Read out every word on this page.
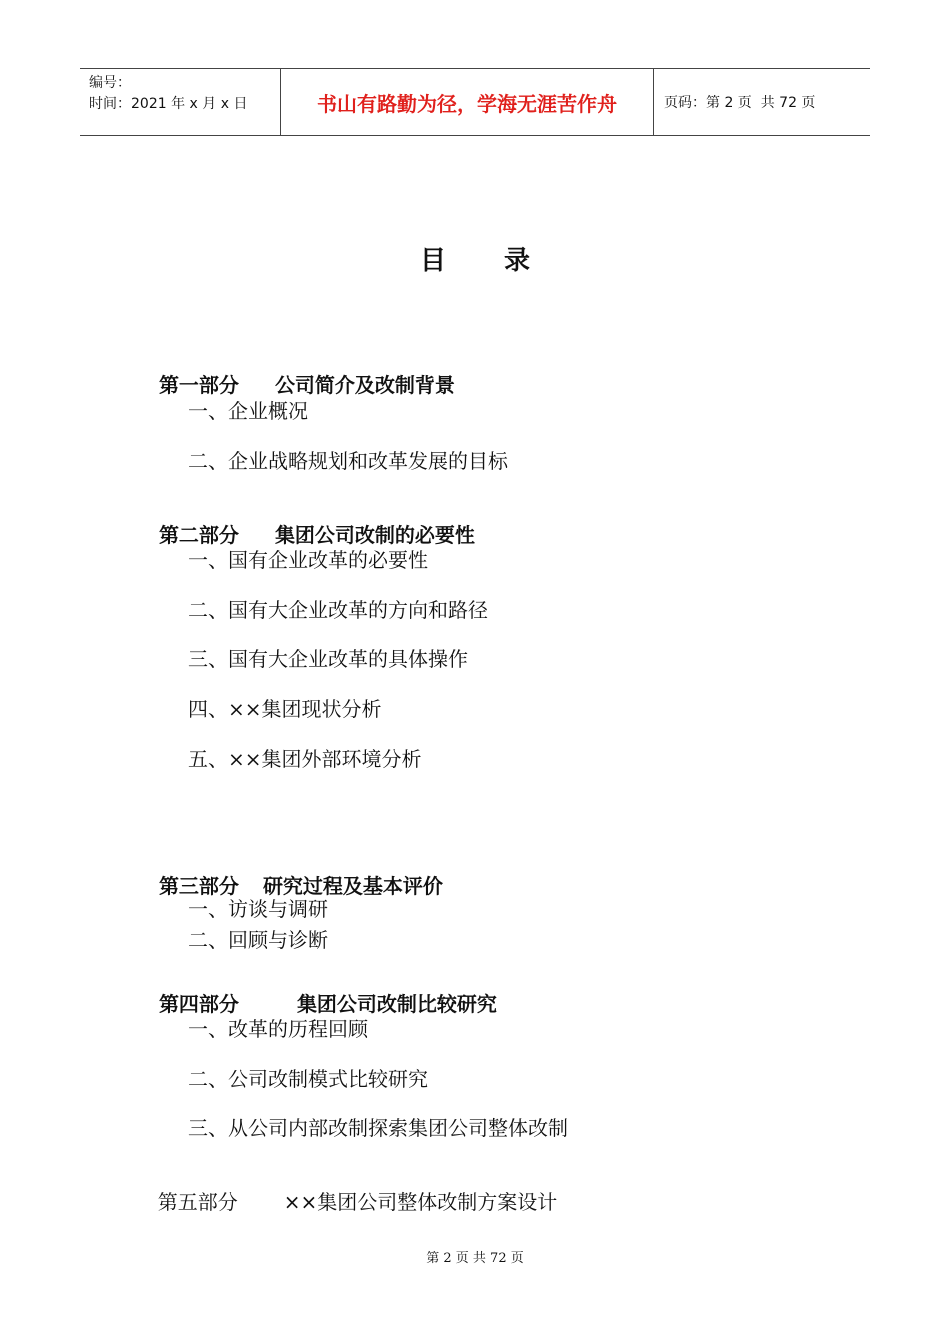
编号：
时间：2021 年 x 月 x 日	书山有路勤为径，学海无涯苦作舟	页码：第 2 页  共 72 页
目 录

第一部分 公司简介及改制背景

一、企业概况
二、企业战略规划和改革发展的目标

第二部分 集团公司改制的必要性

一、国有企业改革的必要性
二、国有大企业改革的方向和路径
三、国有大企业改革的具体操作
四、××集团现状分析
五、××集团外部环境分析

第三部分 研究过程及基本评价

一、访谈与调研
二、回顾与诊断

第四部分	集团公司改制比较研究

一、改革的历程回顾
二、公司改制模式比较研究
三、从公司内部改制探索集团公司整体改制

第五部分 ××集团公司整体改制方案设计

第 2 页 共 72 页
